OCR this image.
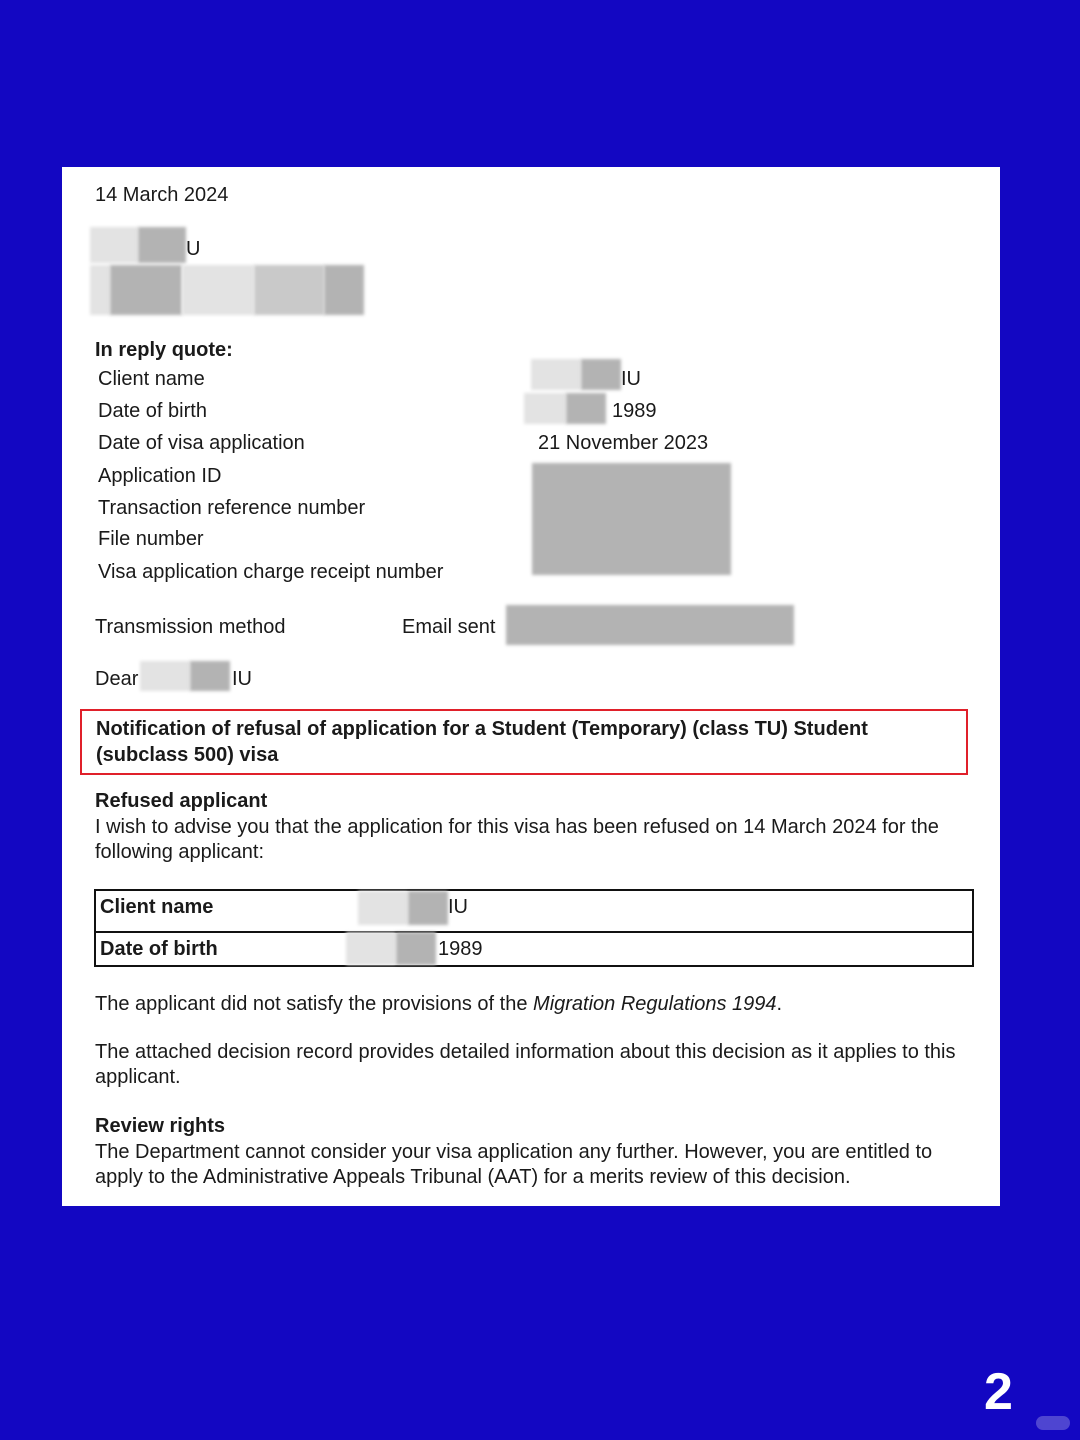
14 March 2024
U
In reply quote:
Client name
Date of birth
Date of visa application
Application ID
Transaction reference number
File number
Visa application charge receipt number
IU
1989
21 November 2023
Transmission method	Email sent
Dear	IU
Notification of refusal of application for a Student (Temporary) (class TU) Student (subclass 500) visa
Refused applicant
I wish to advise you that the application for this visa has been refused on 14 March 2024 for the following applicant:
Client name
Date of birth
IU
1989
The applicant did not satisfy the provisions of the Migration Regulations 1994.
The attached decision record provides detailed information about this decision as it applies to this applicant.
Review rights
The Department cannot consider your visa application any further. However, you are entitled to apply to the Administrative Appeals Tribunal (AAT) for a merits review of this decision.
2
